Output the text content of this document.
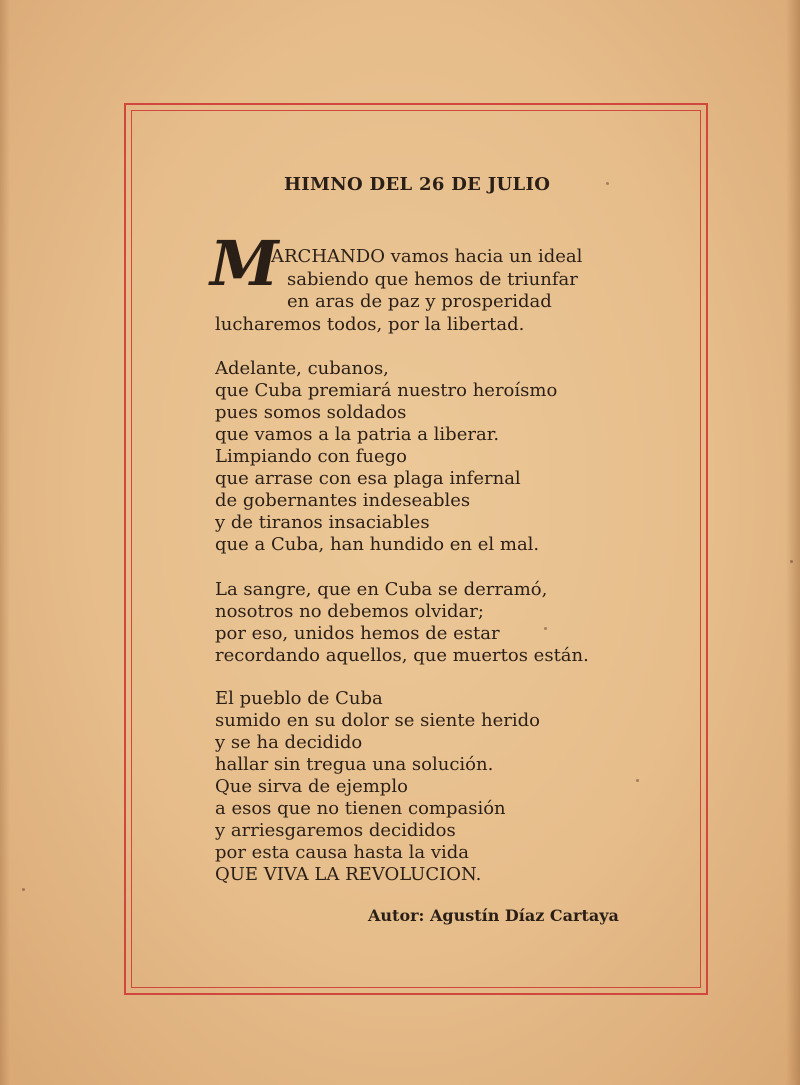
HIMNO DEL 26 DE JULIO
M
ARCHANDO vamos hacia un ideal
sabiendo que hemos de triunfar
en aras de paz y prosperidad
lucharemos todos, por la libertad.
Adelante, cubanos,
que Cuba premiará nuestro heroísmo
pues somos soldados
que vamos a la patria a liberar.
Limpiando con fuego
que arrase con esa plaga infernal
de gobernantes indeseables
y de tiranos insaciables
que a Cuba, han hundido en el mal.
La sangre, que en Cuba se derramó,
nosotros no debemos olvidar;
por eso, unidos hemos de estar
recordando aquellos, que muertos están.
El pueblo de Cuba
sumido en su dolor se siente herido
y se ha decidido
hallar sin tregua una solución.
Que sirva de ejemplo
a esos que no tienen compasión
y arriesgaremos decididos
por esta causa hasta la vida
QUE VIVA LA REVOLUCION.
Autor: Agustín Díaz Cartaya
